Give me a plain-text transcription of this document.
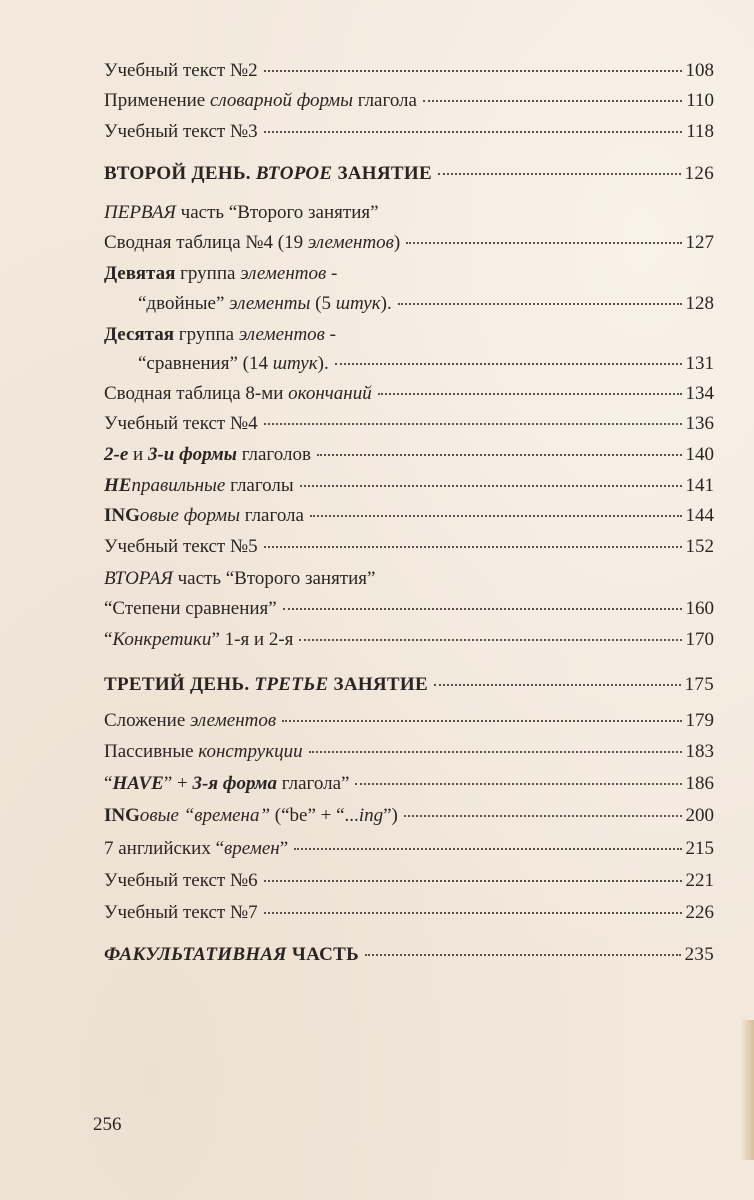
Учебный текст №2	108
Применение словарной формы глагола	110
Учебный текст №3	118
ВТОРОЙ ДЕНЬ. ВТОРОЕ ЗАНЯТИЕ	126
ПЕРВАЯ часть “Второго занятия”
Сводная таблица №4 (19 элементов)	127
Девятая группа элементов -
“двойные” элементы (5 штук).	128
Десятая группа элементов -
“сравнения” (14 штук).	131
Сводная таблица 8-ми окончаний	134
Учебный текст №4	136
2-е и 3-и формы глаголов	140
НЕправильные глаголы	141
INGовые формы глагола	144
Учебный текст №5	152
ВТОРАЯ часть “Второго занятия”
“Степени сравнения”	160
“Конкретики” 1-я и 2-я	170
ТРЕТИЙ ДЕНЬ. ТРЕТЬЕ ЗАНЯТИЕ	175
Сложение элементов	179
Пассивные конструкции	183
“HAVE” + 3-я форма глагола”	186
INGовые “времена” (“be” + “...ing”)	200
7 английских “времен”	215
Учебный текст №6	221
Учебный текст №7	226
ФАКУЛЬТАТИВНАЯ ЧАСТЬ	235
256
